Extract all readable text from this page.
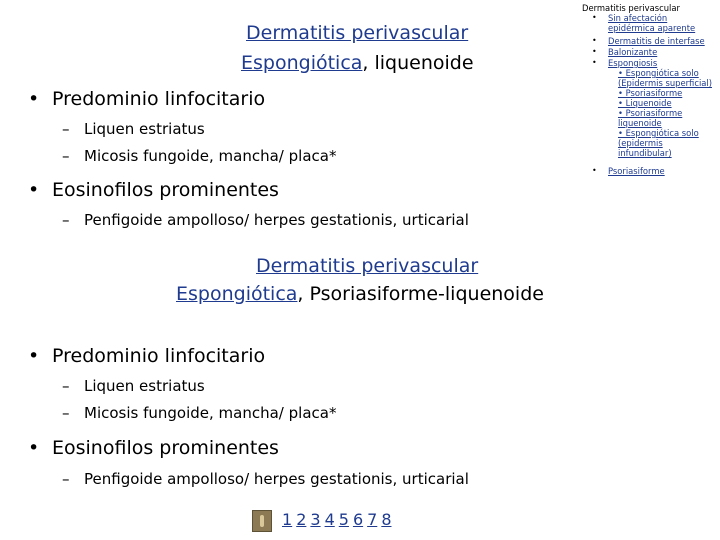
Dermatitis perivascular
Espongiótica, liquenoide
• Predominio linfocitario
– Liquen estriatus
– Micosis fungoide, mancha/ placa*
• Eosinofilos prominentes
– Penfigoide ampolloso/ herpes gestationis, urticarial
Dermatitis perivascular
Espongiótica, Psoriasiforme-liquenoide
• Predominio linfocitario
– Liquen estriatus
– Micosis fungoide, mancha/ placa*
• Eosinofilos prominentes
– Penfigoide ampolloso/ herpes gestationis, urticarial
Dermatitis perivascular
• Sin afectación
epidérmica aparente
• Dermatitis de interfase
• Balonizante
• Espongiosis
• Espongiótica solo
(Epidermis superficial)
• Psoriasiforme
• Liquenoide
• Psoriasiforme
liquenoide
• Espongiótica solo
(epidermis
infundibular)
• Psoriasiforme
1 2 3 4 5 6 7 8
